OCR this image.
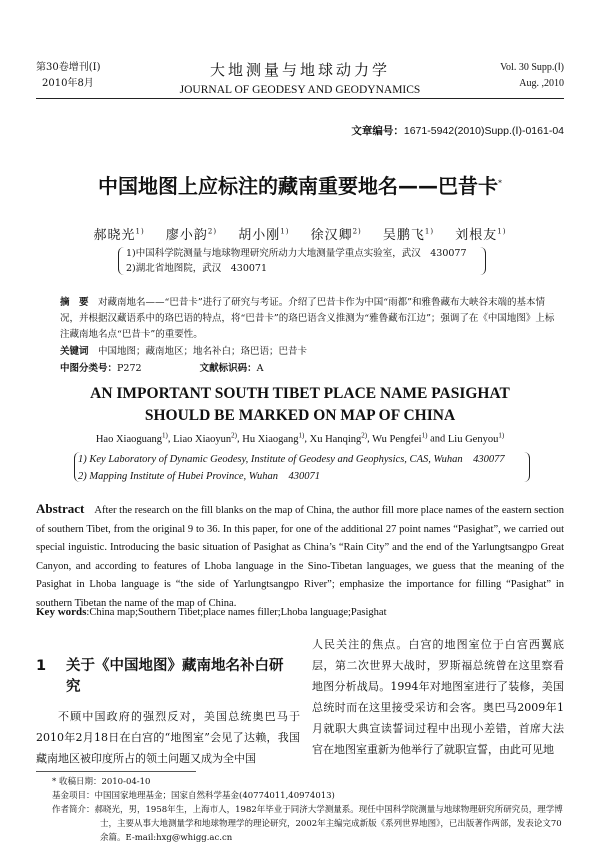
第30卷增刊(Ⅰ)
2010年8月
大地测量与地球动力学
JOURNAL OF GEODESY AND GEODYNAMICS
Vol. 30 Supp.(Ⅰ)
Aug. ,2010
文章编号：1671-5942(2010)Supp.(Ⅰ)-0161-04
中国地图上应标注的藏南重要地名——巴昔卡*
郝晓光$^{1)}$ 廖小韵$^{2)}$ 胡小刚$^{1)}$ 徐汉卿$^{2)}$ 吴鹏飞$^{1)}$ 刘根友$^{1)}$
1)中国科学院测量与地球物理研究所动力大地测量学重点实验室，武汉　430077
2)湖北省地图院，武汉　430071
摘　要　 对藏南地名——“巴昔卡”进行了研究与考证。介绍了巴昔卡作为中国“雨都”和雅鲁藏布大峡谷末端的基本情况，并根据汉藏语系中的珞巴语的特点，将“巴昔卡”的珞巴语含义推测为“雅鲁藏布江边”；强调了在《中国地图》上标注藏南地名点“巴昔卡”的重要性。
关键词　 中国地图；藏南地区；地名补白；珞巴语；巴昔卡
中图分类号：P272	文献标识码：A
AN IMPORTANT SOUTH TIBET PLACE NAME PASIGHAT
SHOULD BE MARKED ON MAP OF CHINA
Hao Xiaoguang$^{1)}$, Liao Xiaoyun$^{2)}$, Hu Xiaogang$^{1)}$, Xu Hanqing$^{2)}$, Wu Pengfei$^{1)}$ and Liu Genyou$^{1)}$
1) Key Laboratory of Dynamic Geodesy, Institute of Geodesy and Geophysics, CAS, Wuhan　430077
2) Mapping Institute of Hubei Province, Wuhan　430071
Abstract After the research on the fill blanks on the map of China, the author fill more place names of the eastern section of southern Tibet, from the original 9 to 36. In this paper, for one of the additional 27 point names “Pasighat”, we carried out special inguistic. Introducing the basic situation of Pasighat as China’s “Rain City” and the end of the Yarlungtsangpo Great Canyon, and according to features of Lhoba language in the Sino-Tibetan languages, we guess that the meaning of the Pasighat in Lhoba language is “the side of Yarlungtsangpo River”; emphasize the importance for filling “Pasighat” in southern Tibetan the name of the map of China.
Key words:China map;Southern Tibet;place names filler;Lhoba language;Pasighat
1 关于《中国地图》藏南地名补白研
究

不顾中国政府的强烈反对，美国总统奥巴马于2010年2月18日在白宫的“地图室”会见了达赖，我国藏南地区被印度所占的领土问题又成为全中国

人民关注的焦点。白宫的地图室位于白宫西翼底层，第二次世界大战时，罗斯福总统曾在这里察看地图分析战局。1994年对地图室进行了装修，美国总统时而在这里接受采访和会客。奥巴马2009年1月就职大典宣读誓词过程中出现小差错，首席大法官在地图室重新为他举行了就职宣誓，由此可见地

* 收稿日期：2010-04-10
基金项目：中国国家地理基金；国家自然科学基金(40774011,40974013)
作者简介：郝晓光，男，1958年生，上海市人，1982年毕业于同济大学测量系。现任中国科学院测量与地球物理研究所研究员，理学博士，主要从事大地测量学和地球物理学的理论研究，2002年主编完成新版《系列世界地图》，已出版著作两部，发表论文70余篇。E-mail:hxg@whigg.ac.cn
